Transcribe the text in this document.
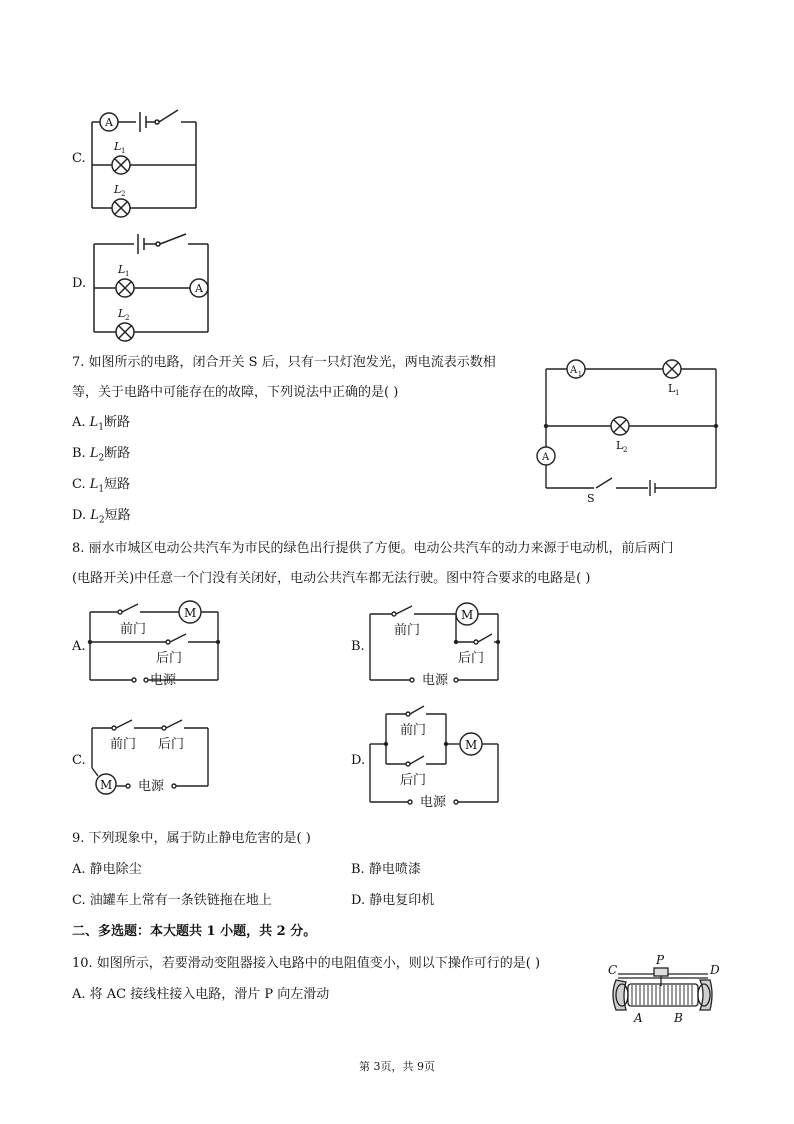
C.
A
L 1
L 2
D.	A
L 1
L 2
7. 如图所示的电路，闭合开关 S 后，只有一只灯泡发光，两电流表示数相
等，关于电路中可能存在的故障，下列说法中正确的是( )
A. $L_1$断路
B. $L_2$断路
C. $L_1$短路
D. $L_2$短路
A 1
A
L 1
L 2
S
8. 丽水市城区电动公共汽车为市民的绿色出行提供了方便。电动公共汽车的动力来源于电动机，前后两门
(电路开关)中任意一个门没有关闭好，电动公共汽车都无法行驶。图中符合要求的电路是( )
A.
M
前门
后门
电源
B.
M
前门
后门
电源
C.
M
前门 后门
电源
D.
M
前门
后门
电源
9. 下列现象中，属于防止静电危害的是( )
A. 静电除尘	B. 静电喷漆
C. 油罐车上常有一条铁链拖在地上	D. 静电复印机
二、多选题：本大题共 1 小题，共 2 分。
10. 如图所示，若要滑动变阻器接入电路中的电阻值变小，则以下操作可行的是( )
A. 将 AC 接线柱接入电路，滑片 P 向左滑动
C
P
D
A	B
第 3页，共 9页
